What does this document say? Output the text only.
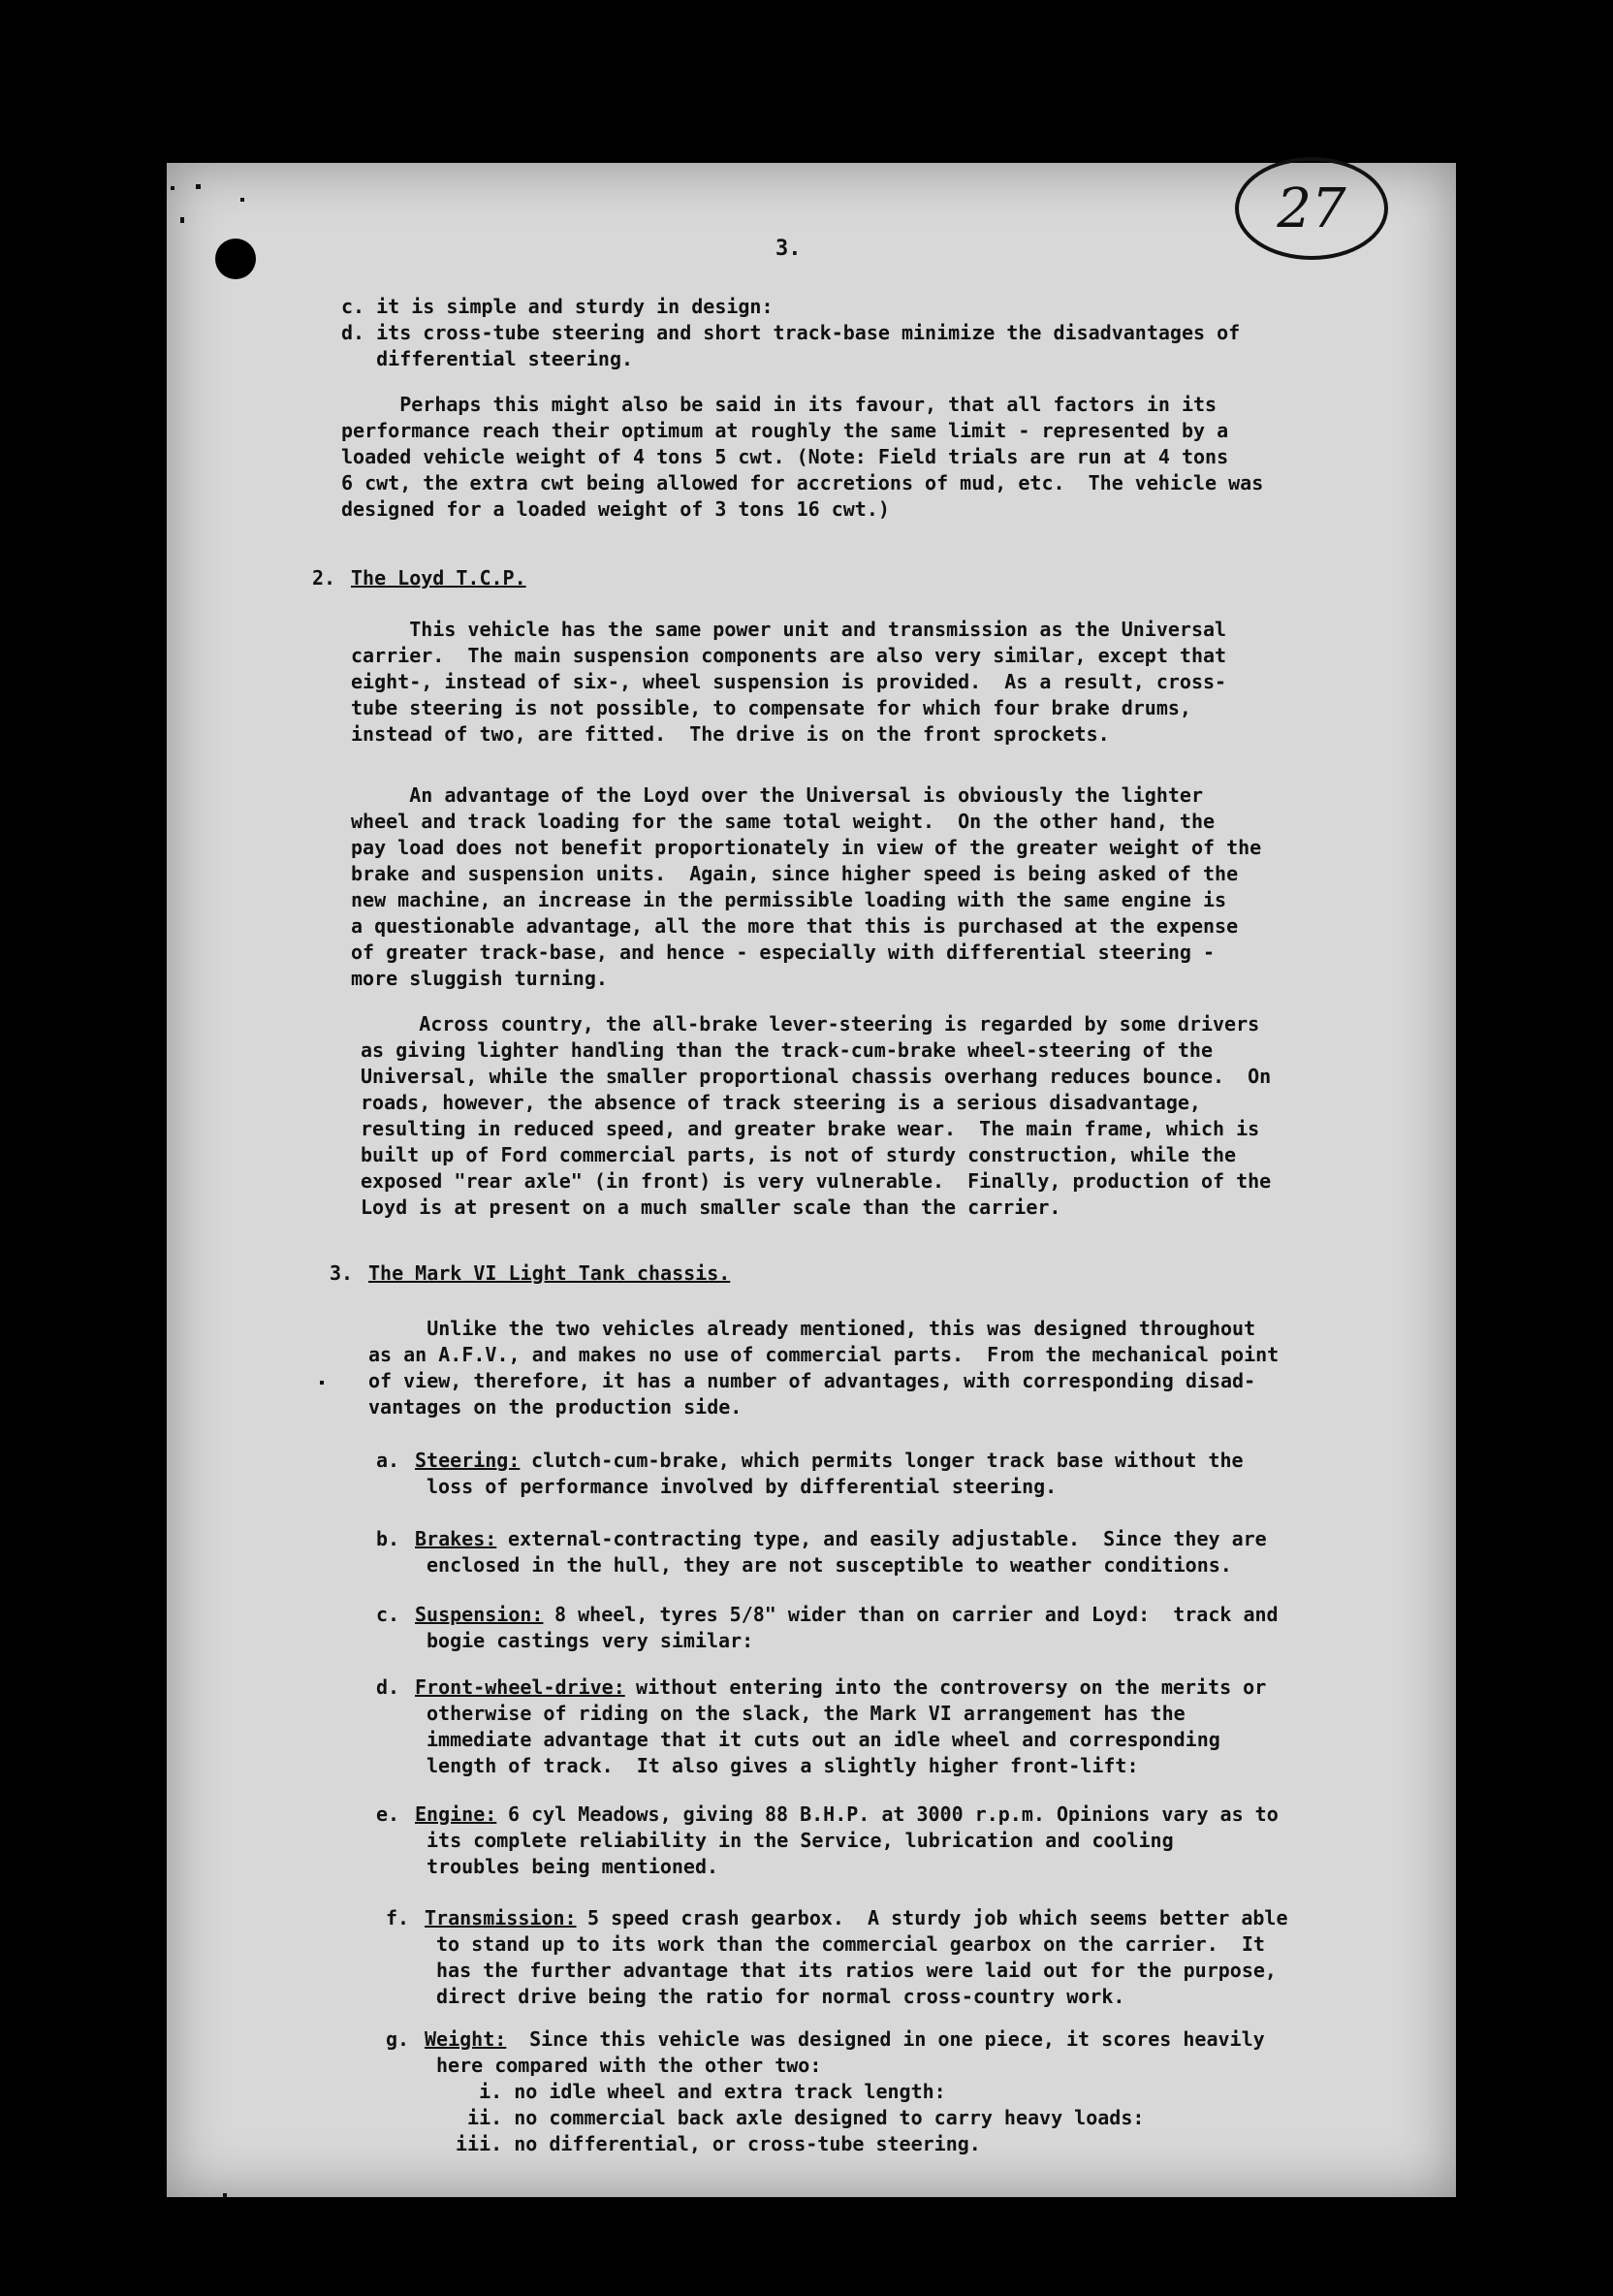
27
3.
c. it is simple and sturdy in design:
d. its cross-tube steering and short track-base minimize the disadvantages of
differential steering.
Perhaps this might also be said in its favour, that all factors in its
performance reach their optimum at roughly the same limit - represented by a
loaded vehicle weight of 4 tons 5 cwt. (Note: Field trials are run at 4 tons
6 cwt, the extra cwt being allowed for accretions of mud, etc.  The vehicle was
designed for a loaded weight of 3 tons 16 cwt.)
2. The Loyd T.C.P.
This vehicle has the same power unit and transmission as the Universal
carrier.  The main suspension components are also very similar, except that
eight-, instead of six-, wheel suspension is provided.  As a result, cross-
tube steering is not possible, to compensate for which four brake drums,
instead of two, are fitted.  The drive is on the front sprockets.
An advantage of the Loyd over the Universal is obviously the lighter
wheel and track loading for the same total weight.  On the other hand, the
pay load does not benefit proportionately in view of the greater weight of the
brake and suspension units.  Again, since higher speed is being asked of the
new machine, an increase in the permissible loading with the same engine is
a questionable advantage, all the more that this is purchased at the expense
of greater track-base, and hence - especially with differential steering -
more sluggish turning.
Across country, the all-brake lever-steering is regarded by some drivers
as giving lighter handling than the track-cum-brake wheel-steering of the
Universal, while the smaller proportional chassis overhang reduces bounce.  On
roads, however, the absence of track steering is a serious disadvantage,
resulting in reduced speed, and greater brake wear.  The main frame, which is
built up of Ford commercial parts, is not of sturdy construction, while the
exposed "rear axle" (in front) is very vulnerable.  Finally, production of the
Loyd is at present on a much smaller scale than the carrier.
3. The Mark VI Light Tank chassis.
Unlike the two vehicles already mentioned, this was designed throughout
as an A.F.V., and makes no use of commercial parts.  From the mechanical point
of view, therefore, it has a number of advantages, with corresponding disad-
vantages on the production side.
a. Steering: clutch-cum-brake, which permits longer track base without the
loss of performance involved by differential steering.
b. Brakes: external-contracting type, and easily adjustable.  Since they are
enclosed in the hull, they are not susceptible to weather conditions.
c. Suspension: 8 wheel, tyres 5/8" wider than on carrier and Loyd:  track and
bogie castings very similar:
d. Front-wheel-drive: without entering into the controversy on the merits or
otherwise of riding on the slack, the Mark VI arrangement has the
immediate advantage that it cuts out an idle wheel and corresponding
length of track.  It also gives a slightly higher front-lift:
e. Engine: 6 cyl Meadows, giving 88 B.H.P. at 3000 r.p.m. Opinions vary as to
its complete reliability in the Service, lubrication and cooling
troubles being mentioned.
f. Transmission: 5 speed crash gearbox.  A sturdy job which seems better able
to stand up to its work than the commercial gearbox on the carrier.  It
has the further advantage that its ratios were laid out for the purpose,
direct drive being the ratio for normal cross-country work.
g. Weight: Since this vehicle was designed in one piece, it scores heavily
here compared with the other two:
i. no idle wheel and extra track length:
ii. no commercial back axle designed to carry heavy loads:
iii. no differential, or cross-tube steering.
